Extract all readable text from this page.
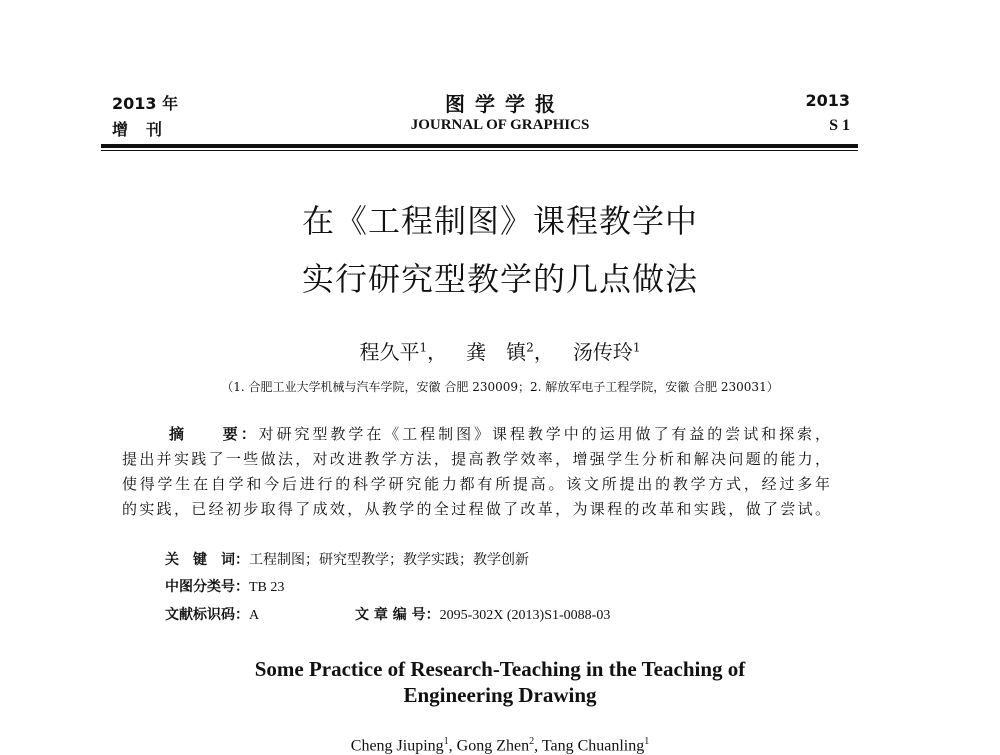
2013 年
增刊
图学学报
JOURNAL OF GRAPHICS
2013
S 1
在《工程制图》课程教学中
实行研究型教学的几点做法
程久平$^1$， 龚　镇$^2$， 汤传玲$^1$
（1. 合肥工业大学机械与汽车学院，安徽 合肥 230009；2. 解放军电子工程学院，安徽 合肥 230031）

摘　　要：对研究型教学在《工程制图》课程教学中的运用做了有益的尝试和探索，

提出并实践了一些做法，对改进教学方法，提高教学效率，增强学生分析和解决问题的能力，

使得学生在自学和今后进行的科学研究能力都有所提高。该文所提出的教学方式，经过多年

的实践，已经初步取得了成效，从教学的全过程做了改革，为课程的改革和实践，做了尝试。

关　键　词：工程制图；研究型教学；教学实践；教学创新
中图分类号：TB 23
文献标识码：A	文 章 编 号：2095-302X (2013)S1-0088-03
Some Practice of Research-Teaching in the Teaching of
Engineering Drawing
Cheng Jiuping$^1$, Gong Zhen$^2$, Tang Chuanling$^1$
